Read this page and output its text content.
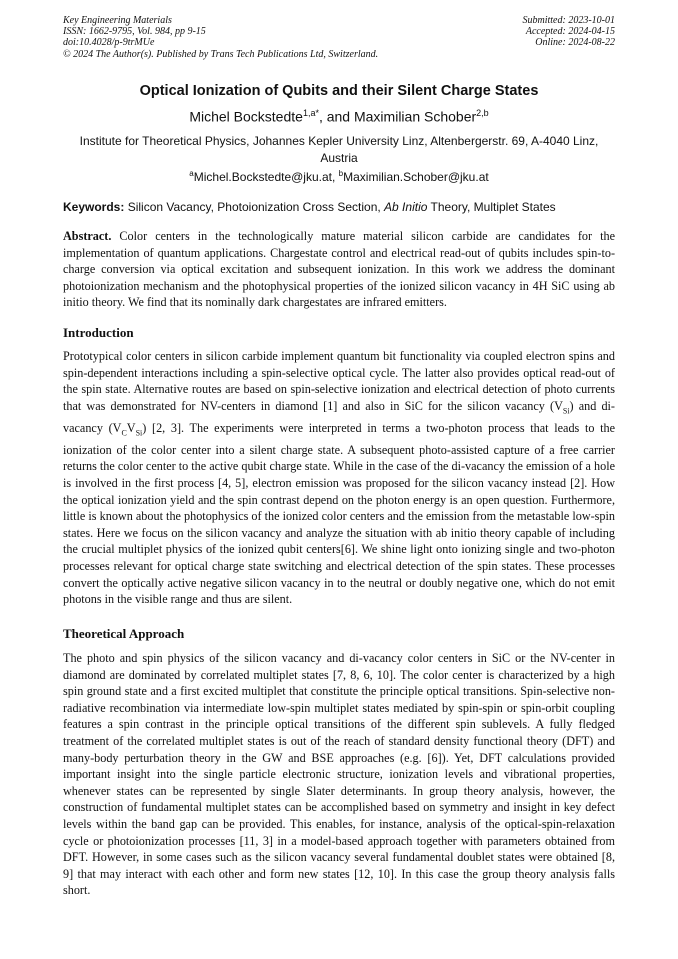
Key Engineering Materials
ISSN: 1662-9795, Vol. 984, pp 9-15
doi:10.4028/p-9trMUe
© 2024 The Author(s). Published by Trans Tech Publications Ltd, Switzerland.
Submitted: 2023-10-01
Accepted: 2024-04-15
Online: 2024-08-22
Optical Ionization of Qubits and their Silent Charge States
Michel Bockstedte$^{1,a*}$, and Maximilian Schober$^{2,b}$
Institute for Theoretical Physics, Johannes Kepler University Linz, Altenbergerstr. 69, A-4040 Linz, Austria
$^a$Michel.Bockstedte@jku.at, $^b$Maximilian.Schober@jku.at
Keywords: Silicon Vacancy, Photoionization Cross Section, Ab Initio Theory, Multiplet States
Abstract. Color centers in the technologically mature material silicon carbide are candidates for the implementation of quantum applications. Chargestate control and electrical read-out of qubits includes spin-to-charge conversion via optical excitation and subsequent ionization. In this work we address the dominant photoionization mechanism and the photophysical properties of the ionized silicon vacancy in 4H SiC using ab initio theory. We find that its nominally dark chargestates are infrared emitters.
Introduction
Prototypical color centers in silicon carbide implement quantum bit functionality via coupled electron spins and spin-dependent interactions including a spin-selective optical cycle. The latter also provides optical read-out of the spin state. Alternative routes are based on spin-selective ionization and electrical detection of photo currents that was demonstrated for NV-centers in diamond [1] and also in SiC for the silicon vacancy $(V_{Si})$ and di-vacancy $(V_CV_{Si})$ [2, 3]. The experiments were interpreted in terms a two-photon process that leads to the ionization of the color center into a silent charge state. A subsequent photo-assisted capture of a free carrier returns the color center to the active qubit charge state. While in the case of the di-vacancy the emission of a hole is involved in the first process [4, 5], electron emission was proposed for the silicon vacancy instead [2]. How the optical ionization yield and the spin contrast depend on the photon energy is an open question. Furthermore, little is known about the photophysics of the ionized color centers and the emission from the metastable low-spin states. Here we focus on the silicon vacancy and analyze the situation with ab initio theory capable of including the crucial multiplet physics of the ionized qubit centers[6]. We shine light onto ionizing single and two-photon processes relevant for optical charge state switching and electrical detection of the spin states. These processes convert the optically active negative silicon vacancy in to the neutral or doubly negative one, which do not emit photons in the visible range and thus are silent.
Theoretical Approach
The photo and spin physics of the silicon vacancy and di-vacancy color centers in SiC or the NV-center in diamond are dominated by correlated multiplet states [7, 8, 6, 10]. The color center is characterized by a high spin ground state and a first excited multiplet that constitute the principle optical transitions. Spin-selective non-radiative recombination via intermediate low-spin multiplet states mediated by spin-spin or spin-orbit coupling features a spin contrast in the principle optical transitions of the different spin sublevels. A fully fledged treatment of the correlated multiplet states is out of the reach of standard density functional theory (DFT) and many-body perturbation theory in the GW and BSE approaches (e.g. [6]). Yet, DFT calculations provided important insight into the single particle electronic structure, ionization levels and vibrational properties, whenever states can be represented by single Slater determinants. In group theory analysis, however, the construction of fundamental multiplet states can be accomplished based on symmetry and insight in key defect levels within the band gap can be provided. This enables, for instance, analysis of the optical-spin-relaxation cycle or photoionization processes [11, 3] in a model-based approach together with parameters obtained from DFT. However, in some cases such as the silicon vacancy several fundamental doublet states were obtained [8, 9] that may interact with each other and form new states [12, 10]. In this case the group theory analysis falls short.
